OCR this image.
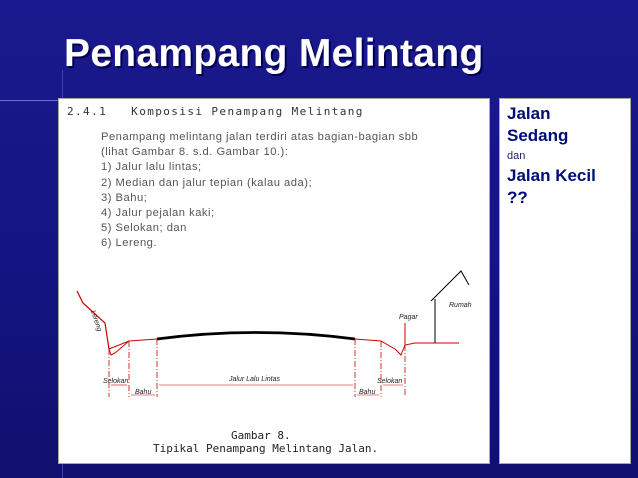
Penampang Melintang
2.4.1   Komposisi Penampang Melintang
Penampang melintang jalan terdiri atas bagian-bagian sbb
(lihat Gambar 8. s.d. Gambar 10.):
1) Jalur lalu lintas;
2) Median dan jalur tepian (kalau ada);
3) Bahu;
4) Jalur pejalan kaki;
5) Selokan; dan
6) Lereng.
Lereng
Rumah
Pagar
Selokan	Jalur Lalu Lintas	Selokan
Bahu	Bahu
Gambar 8.
Tipikal Penampang Melintang Jalan.
Jalan
Sedang
dan
Jalan Kecil
??
